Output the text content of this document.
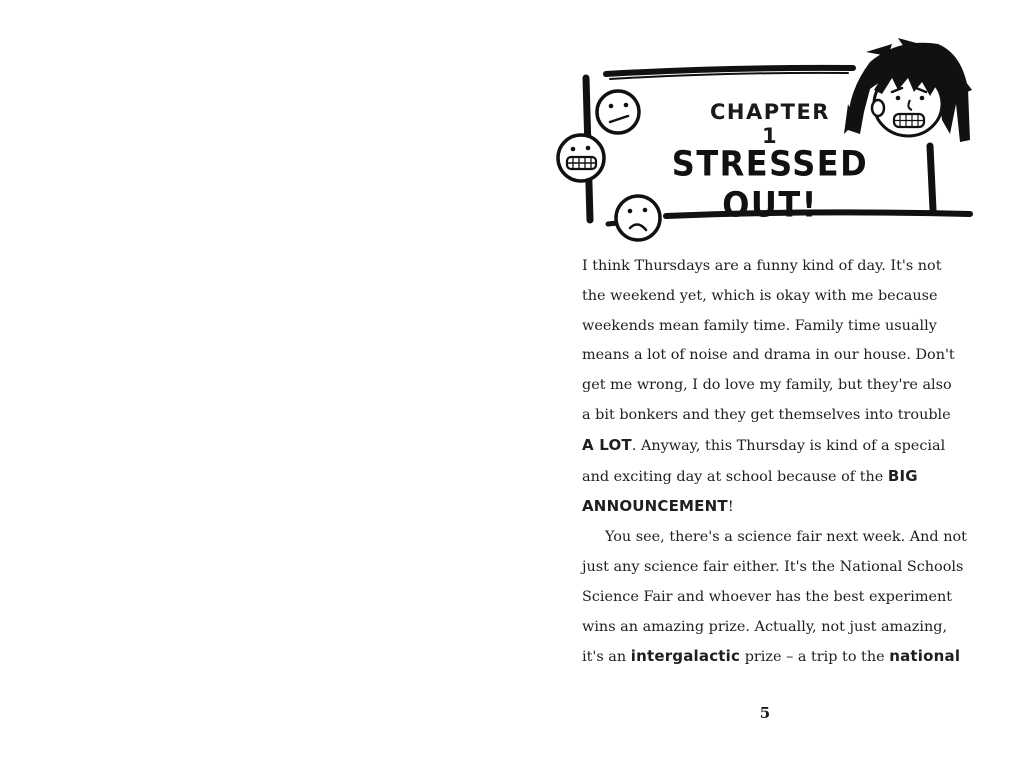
CHAPTER 1
STRESSED OUT!

I think Thursdays are a funny kind of day. It's not
the weekend yet, which is okay with me because
weekends mean family time. Family time usually
means a lot of noise and drama in our house. Don't
get me wrong, I do love my family, but they're also
a bit bonkers and they get themselves into trouble
A LOT. Anyway, this Thursday is kind of a special
and exciting day at school because of the BIG
ANNOUNCEMENT!

You see, there's a science fair next week. And not

just any science fair either. It's the National Schools
Science Fair and whoever has the best experiment
wins an amazing prize. Actually, not just amazing,
it's an intergalactic prize – a trip to the national

5
